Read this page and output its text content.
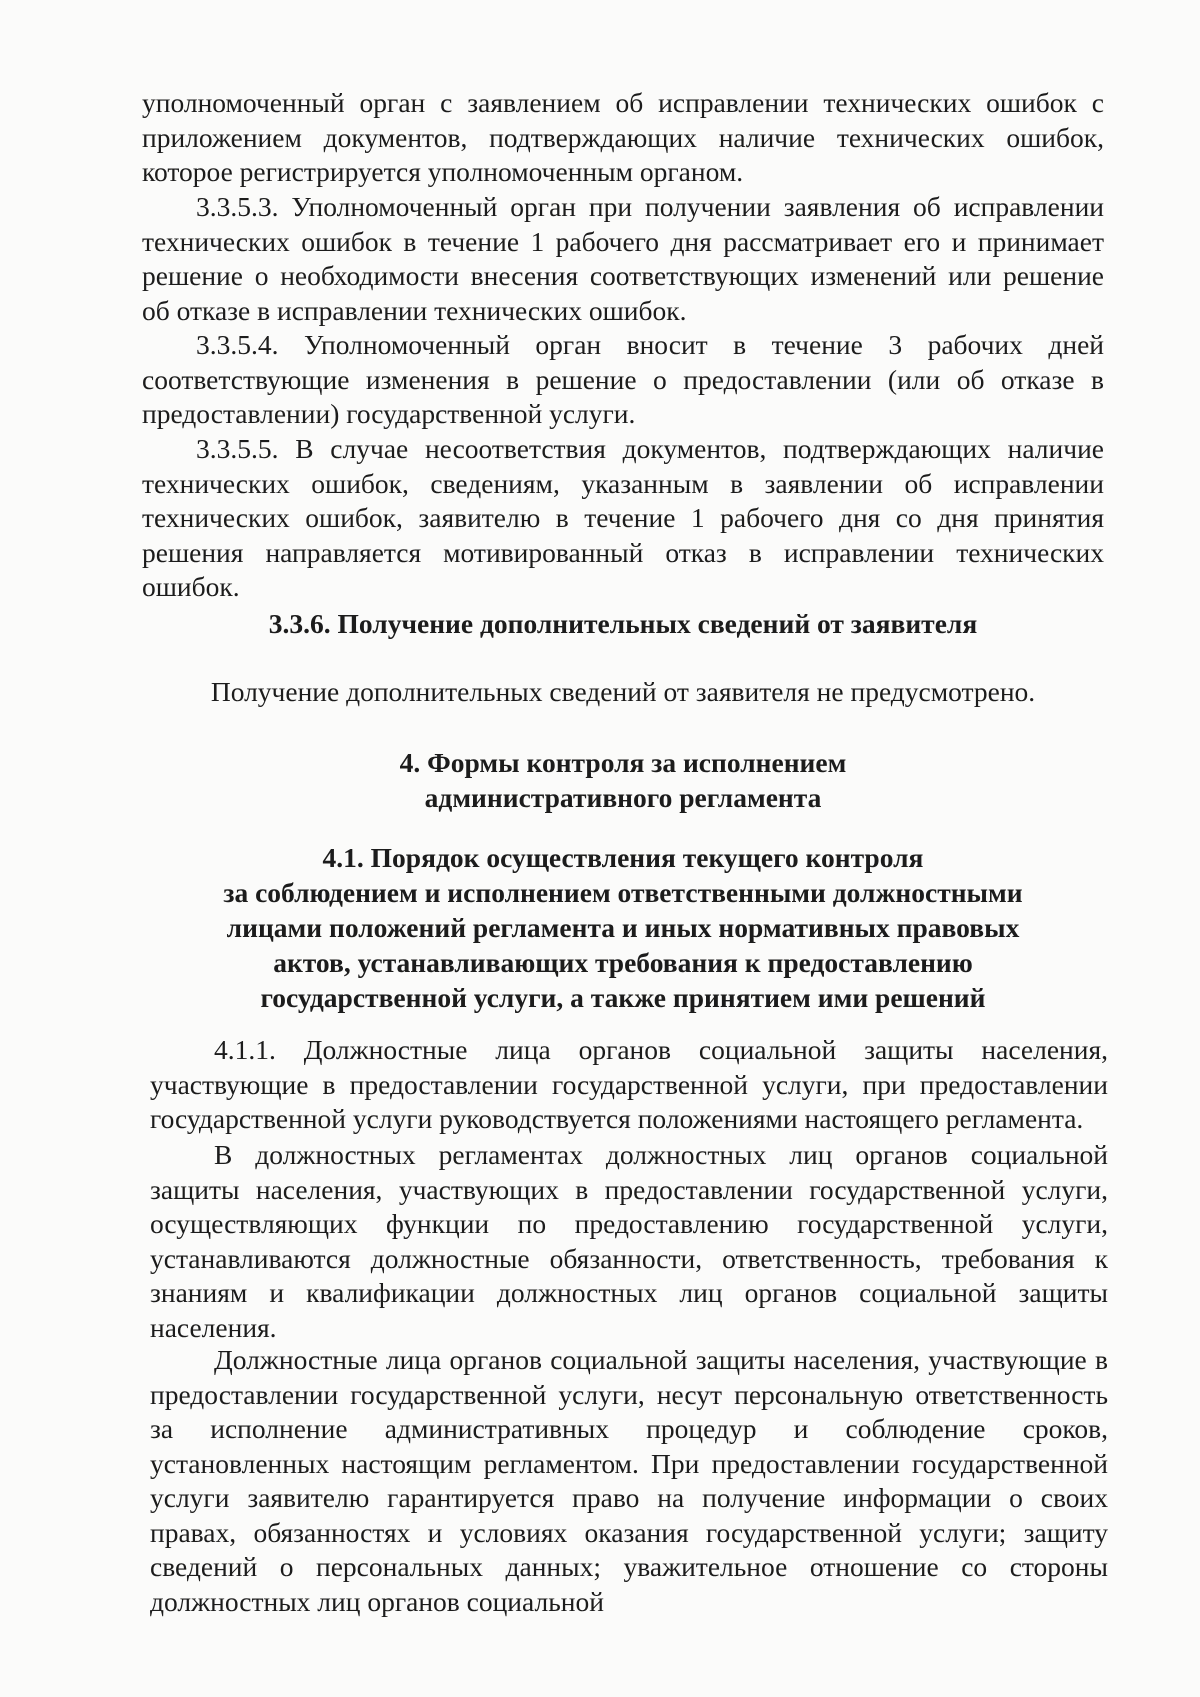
уполномоченный орган с заявлением об исправлении технических ошибок с приложением документов, подтверждающих наличие технических ошибок, которое регистрируется уполномоченным органом.

3.3.5.3. Уполномоченный орган при получении заявления об исправлении технических ошибок в течение 1 рабочего дня рассматривает его и принимает решение о необходимости внесения соответствующих изменений или решение об отказе в исправлении технических ошибок.

3.3.5.4. Уполномоченный орган вносит в течение 3 рабочих дней соответствующие изменения в решение о предоставлении (или об отказе в предоставлении) государственной услуги.

3.3.5.5. В случае несоответствия документов, подтверждающих наличие технических ошибок, сведениям, указанным в заявлении об исправлении технических ошибок, заявителю в течение 1 рабочего дня со дня принятия решения направляется мотивированный отказ в исправлении технических ошибок.

3.3.6. Получение дополнительных сведений от заявителя

Получение дополнительных сведений от заявителя не предусмотрено.

4. Формы контроля за исполнением
административного регламента
4.1. Порядок осуществления текущего контроля
за соблюдением и исполнением ответственными должностными
лицами положений регламента и иных нормативных правовых
актов, устанавливающих требования к предоставлению
государственной услуги, а также принятием ими решений

4.1.1. Должностные лица органов социальной защиты населения, участвующие в предоставлении государственной услуги, при предоставлении государственной услуги руководствуется положениями настоящего регламента.

В должностных регламентах должностных лиц органов социальной защиты населения, участвующих в предоставлении государственной услуги, осуществляющих функции по предоставлению государственной услуги, устанавливаются должностные обязанности, ответственность, требования к знаниям и квалификации должностных лиц органов социальной защиты населения.

Должностные лица органов социальной защиты населения, участвующие в предоставлении государственной услуги, несут персональную ответственность за исполнение административных процедур и соблюдение сроков, установленных настоящим регламентом. При предоставлении государственной услуги заявителю гарантируется право на получение информации о своих правах, обязанностях и условиях оказания государственной услуги; защиту сведений о персональных данных; уважительное отношение со стороны должностных лиц органов социальной
